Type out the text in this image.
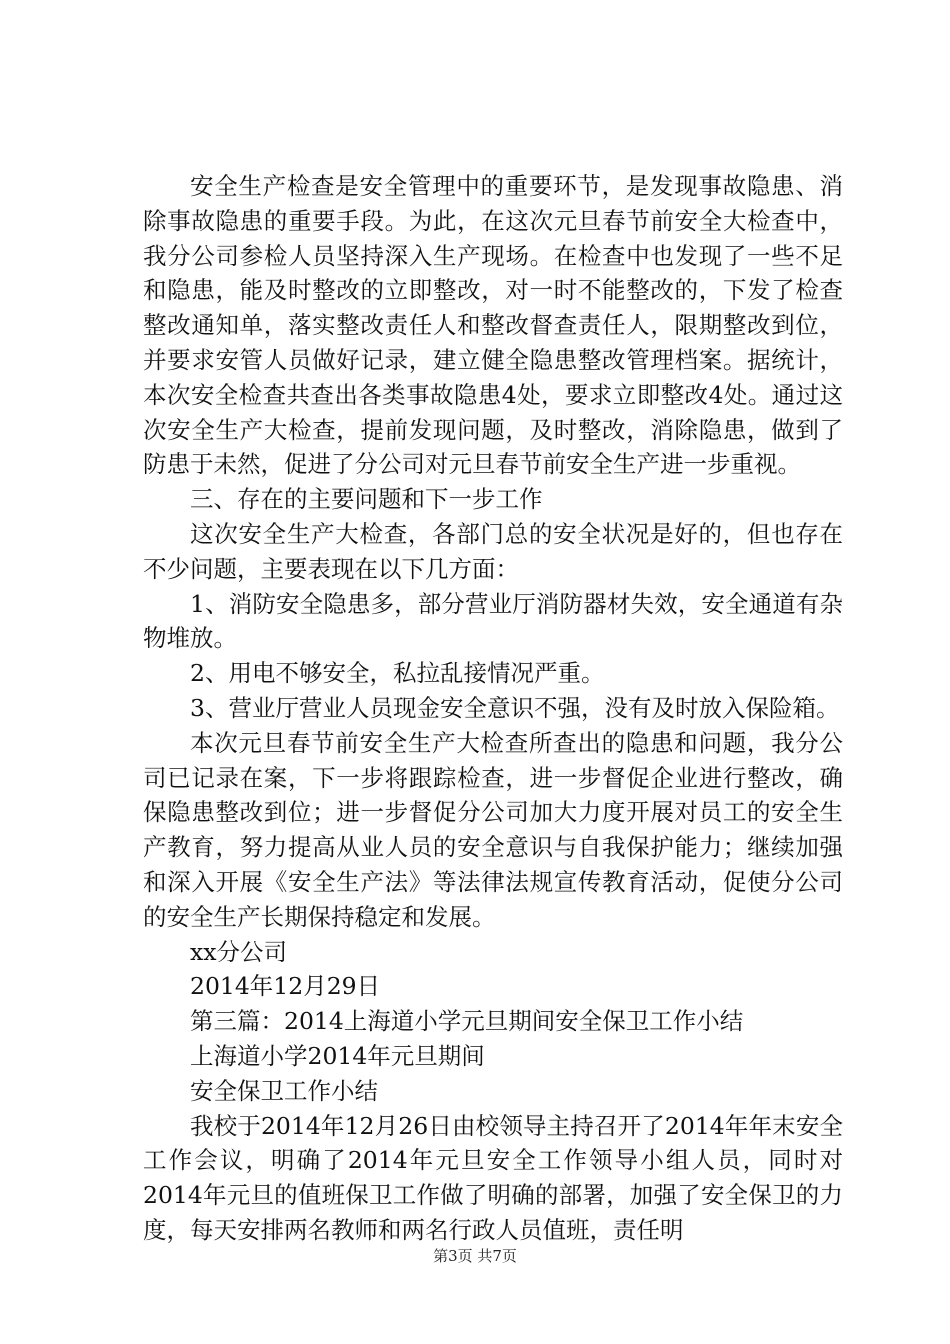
安全生产检查是安全管理中的重要环节，是发现事故隐患、消除事故隐患的重要手段。为此，在这次元旦春节前安全大检查中，我分公司参检人员坚持深入生产现场。在检查中也发现了一些不足和隐患，能及时整改的立即整改，对一时不能整改的，下发了检查整改通知单，落实整改责任人和整改督查责任人，限期整改到位，并要求安管人员做好记录，建立健全隐患整改管理档案。据统计，本次安全检查共查出各类事故隐患4处，要求立即整改4处。通过这次安全生产大检查，提前发现问题，及时整改，消除隐患，做到了防患于未然，促进了分公司对元旦春节前安全生产进一步重视。

三、存在的主要问题和下一步工作

这次安全生产大检查，各部门总的安全状况是好的，但也存在不少问题，主要表现在以下几方面：

1、消防安全隐患多，部分营业厅消防器材失效，安全通道有杂物堆放。

2、用电不够安全，私拉乱接情况严重。

3、营业厅营业人员现金安全意识不强，没有及时放入保险箱。

本次元旦春节前安全生产大检查所查出的隐患和问题，我分公司已记录在案，下一步将跟踪检查，进一步督促企业进行整改，确保隐患整改到位；进一步督促分公司加大力度开展对员工的安全生产教育，努力提高从业人员的安全意识与自我保护能力；继续加强和深入开展《安全生产法》等法律法规宣传教育活动，促使分公司的安全生产长期保持稳定和发展。

xx分公司

2014年12月29日

第三篇：2014上海道小学元旦期间安全保卫工作小结

上海道小学2014年元旦期间

安全保卫工作小结

我校于2014年12月26日由校领导主持召开了2014年年末安全工作会议，明确了2014年元旦安全工作领导小组人员，同时对2014年元旦的值班保卫工作做了明确的部署，加强了安全保卫的力度，每天安排两名教师和两名行政人员值班，责任明

第3页 共7页
